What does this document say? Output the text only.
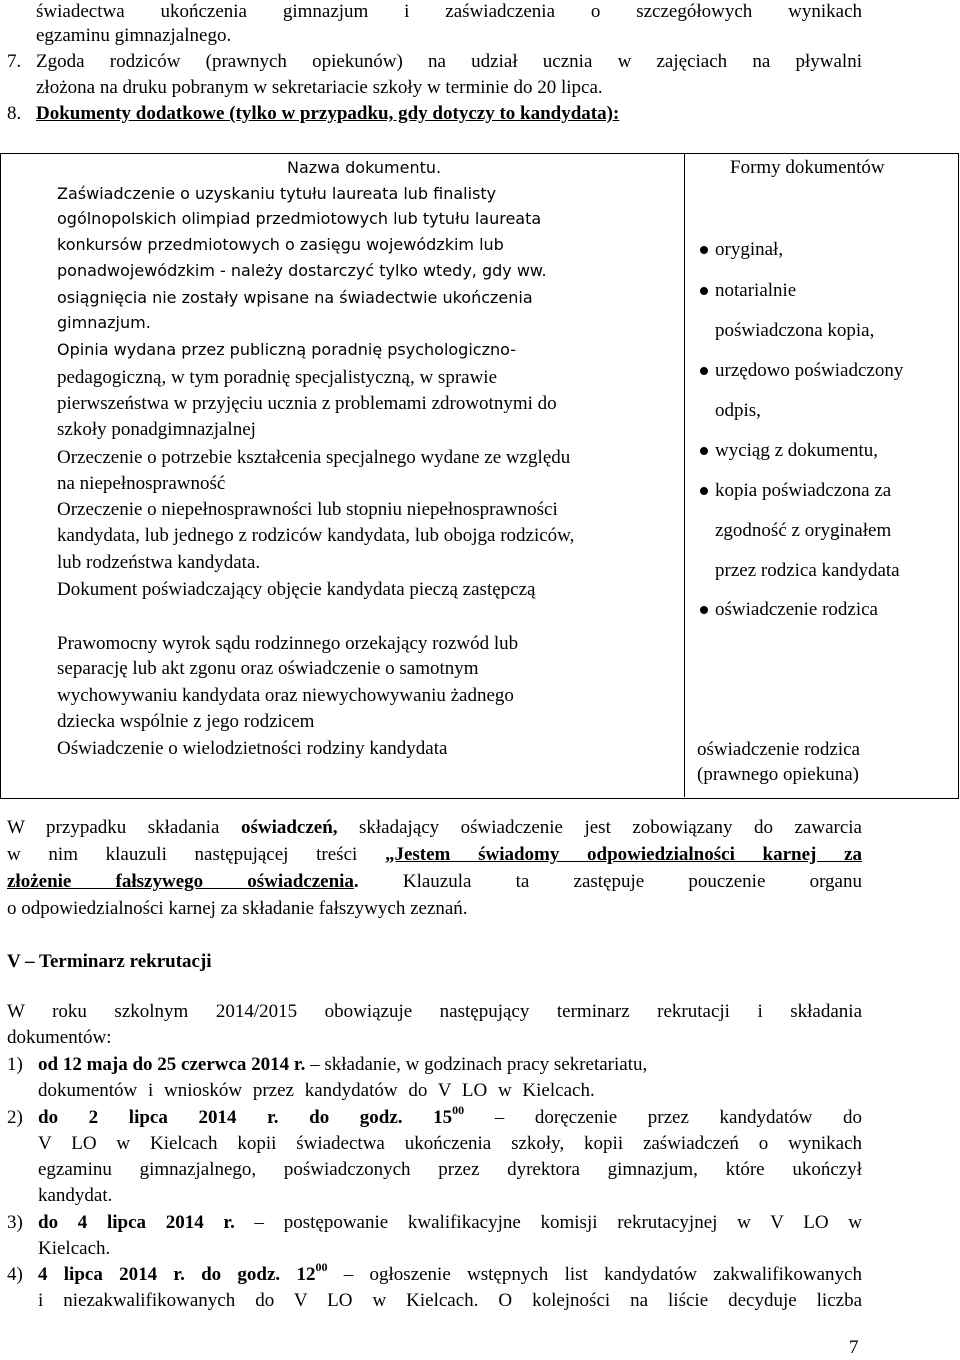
świadectwa ukończenia gimnazjum i zaświadczenia o szczegółowych wynikach
egzaminu gimnazjalnego.
7. Zgoda rodziców (prawnych opiekunów) na udział ucznia w zajęciach na pływalni
złożona na druku pobranym w sekretariacie szkoły w terminie do 20 lipca.
8. Dokumenty dodatkowe (tylko w przypadku, gdy dotyczy to kandydata):
Nazwa dokumentu.
Zaświadczenie o uzyskaniu tytułu laureata lub finalisty
ogólnopolskich olimpiad przedmiotowych lub tytułu laureata
konkursów przedmiotowych o zasięgu wojewódzkim lub
ponadwojewódzkim - należy dostarczyć tylko wtedy, gdy ww.
osiągnięcia nie zostały wpisane na świadectwie ukończenia
gimnazjum.
Opinia wydana przez publiczną poradnię psychologiczno-
pedagogiczną, w tym poradnię specjalistyczną, w sprawie
pierwszeństwa w przyjęciu ucznia z problemami zdrowotnymi do
szkoły ponadgimnazjalnej
Orzeczenie o potrzebie kształcenia specjalnego wydane ze względu
na niepełnosprawność
Orzeczenie o niepełnosprawności lub stopniu niepełnosprawności
kandydata, lub jednego z rodziców kandydata, lub obojga rodziców,
lub rodzeństwa kandydata.
Dokument poświadczający objęcie kandydata pieczą zastępczą
Prawomocny wyrok sądu rodzinnego orzekający rozwód lub
separację lub akt zgonu oraz oświadczenie o samotnym
wychowywaniu kandydata oraz niewychowywaniu żadnego
dziecka wspólnie z jego rodzicem
Oświadczenie o wielodzietności rodziny kandydata
Formy dokumentów
oryginał,
notarialnie
poświadczona kopia,
urzędowo poświadczony
odpis,
wyciąg z dokumentu,
kopia poświadczona za
zgodność z oryginałem
przez rodzica kandydata
oświadczenie rodzica
oświadczenie rodzica
(prawnego opiekuna)
W przypadku składania oświadczeń, składający oświadczenie jest zobowiązany do zawarcia
w nim klauzuli następującej treści „Jestem świadomy odpowiedzialności karnej za
złożenie fałszywego oświadczenia. Klauzula ta zastępuje pouczenie organu
o odpowiedzialności karnej za składanie fałszywych zeznań.
V – Terminarz rekrutacji
W roku szkolnym 2014/2015 obowiązuje następujący terminarz rekrutacji i składania
dokumentów:
1) od 12 maja do 25 czerwca 2014 r. – składanie, w godzinach pracy sekretariatu,
dokumentów i wniosków przez kandydatów do V LO w Kielcach.
2) do 2 lipca 2014 r. do godz. $15^{00}$ – doręczenie przez kandydatów do
V LO w Kielcach kopii świadectwa ukończenia szkoły, kopii zaświadczeń o wynikach
egzaminu gimnazjalnego, poświadczonych przez dyrektora gimnazjum, które ukończył
kandydat.
3) do 4 lipca 2014 r. – postępowanie kwalifikacyjne komisji rekrutacyjnej w V LO w
Kielcach.
4) 4 lipca 2014 r. do godz. $12^{00}$ – ogłoszenie wstępnych list kandydatów zakwalifikowanych
i niezakwalifikowanych do V LO w Kielcach. O kolejności na liście decyduje liczba
7
